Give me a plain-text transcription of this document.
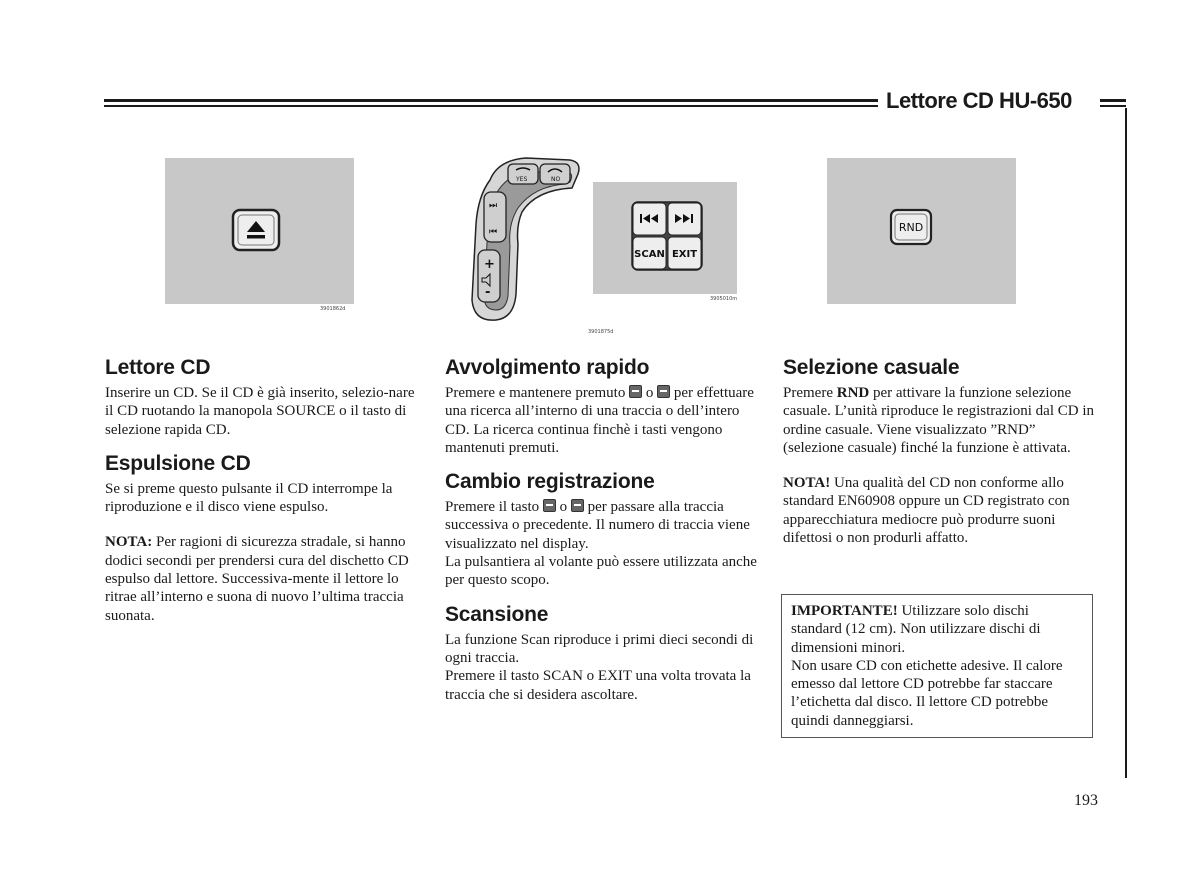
Lettore CD HU-650
3901862d
YES	NO
⏭
⏮
+
-
3901875d
SCAN EXIT
3905010m
RND
Lettore CD

Inserire un CD. Se il CD è già inserito, selezio-nare il CD ruotando la manopola SOURCE o il tasto di selezione rapida CD.

Espulsione CD

Se si preme questo pulsante il CD interrompe la riproduzione e il disco viene espulso.

NOTA: Per ragioni di sicurezza stradale, si hanno dodici secondi per prendersi cura del dischetto CD espulso dal lettore. Successiva-mente il lettore lo ritrae all’interno e suona di nuovo l’ultima traccia suonata.

Avvolgimento rapido

Premere e mantenere premuto  o  per effettuare una ricerca all’interno di una traccia o dell’intero CD. La ricerca continua finchè i tasti vengono mantenuti premuti.

Cambio registrazione

Premere il tasto  o  per passare alla traccia successiva o precedente. Il numero di traccia viene visualizzato nel display.

La pulsantiera al volante può essere utilizzata anche per questo scopo.

Scansione

La funzione Scan riproduce i primi dieci secondi di ogni traccia.

Premere il tasto SCAN o EXIT una volta trovata la traccia che si desidera ascoltare.

Selezione casuale

Premere RND per attivare la funzione selezione casuale. L’unità riproduce le registrazioni dal CD in ordine casuale. Viene visualizzato ”RND” (selezione casuale) finché la funzione è attivata.

NOTA! Una qualità del CD non conforme allo standard EN60908 oppure un CD registrato con apparecchiatura mediocre può produrre suoni difettosi o non produrli affatto.

IMPORTANTE! Utilizzare solo dischi standard (12 cm). Non utilizzare dischi di dimensioni minori.

Non usare CD con etichette adesive. Il calore emesso dal lettore CD potrebbe far staccare l’etichetta dal disco. Il lettore CD potrebbe quindi danneggiarsi.

193
